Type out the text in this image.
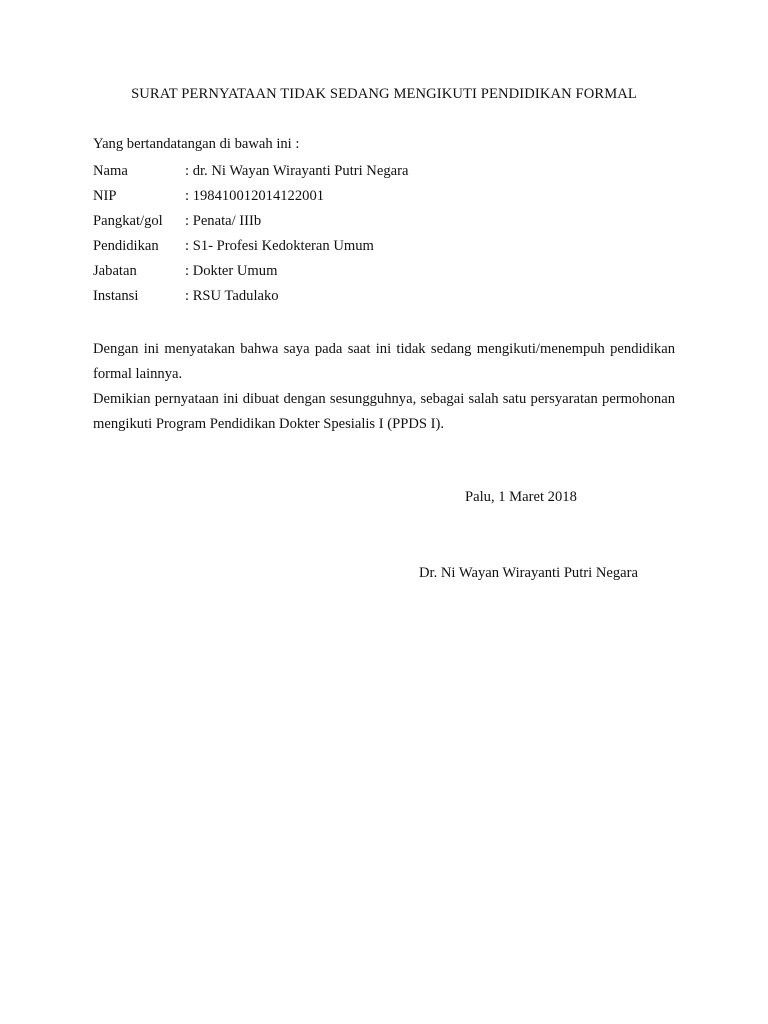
SURAT PERNYATAAN TIDAK SEDANG MENGIKUTI PENDIDIKAN FORMAL
Yang bertandatangan di bawah ini :
Nama	: dr. Ni Wayan Wirayanti Putri Negara
NIP	: 198410012014122001
Pangkat/gol	: Penata/ IIIb
Pendidikan	: S1- Profesi Kedokteran Umum
Jabatan	: Dokter Umum
Instansi	: RSU Tadulako
Dengan ini menyatakan bahwa saya pada saat ini tidak sedang mengikuti/menempuh pendidikan formal lainnya.
Demikian pernyataan ini dibuat dengan sesungguhnya, sebagai salah satu persyaratan permohonan mengikuti Program Pendidikan Dokter Spesialis I (PPDS I).
Palu, 1 Maret 2018
Dr. Ni Wayan Wirayanti Putri Negara
